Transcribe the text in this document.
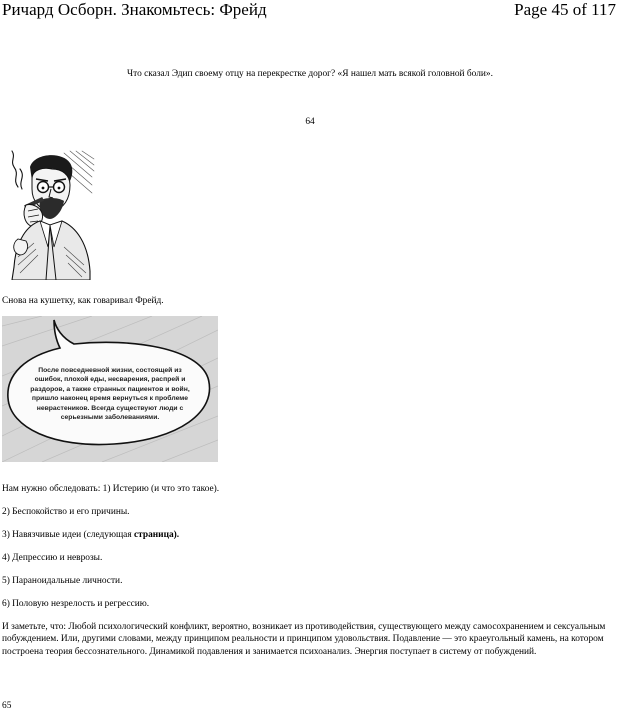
Ричард Осборн. Знакомьтесь: Фрейд	Page 45 of 117
Что сказал Эдип своему отцу на перекрестке дорог? «Я нашел мать всякой головной боли».
64
Снова на кушетку, как говаривал Фрейд.
После повседневной жизни, состоящей из
ошибок, плохой еды, несварения, распрей и
раздоров, а также странных пациентов и войн,
пришло наконец время вернуться к проблеме
неврастеников. Всегда существуют люди с
серьезными заболеваниями.
Нам нужно обследовать: 1) Истерию (и что это такое).
2) Беспокойство и его причины.
3) Навязчивые идеи (следующая страница).
4) Депрессию и неврозы.
5) Параноидальные личности.
6) Половую незрелость и регрессию.
И заметьте, что: Любой психологический конфликт, вероятно, возникает из противодействия, существующего между самосохранением и сексуальным побуждением. Или, другими словами, между принципом реальности и принципом удовольствия. Подавление — это краеугольный камень, на котором построена теория бессознательного. Динамикой подавления и занимается психоанализ. Энергия поступает в систему от побуждений.
65
